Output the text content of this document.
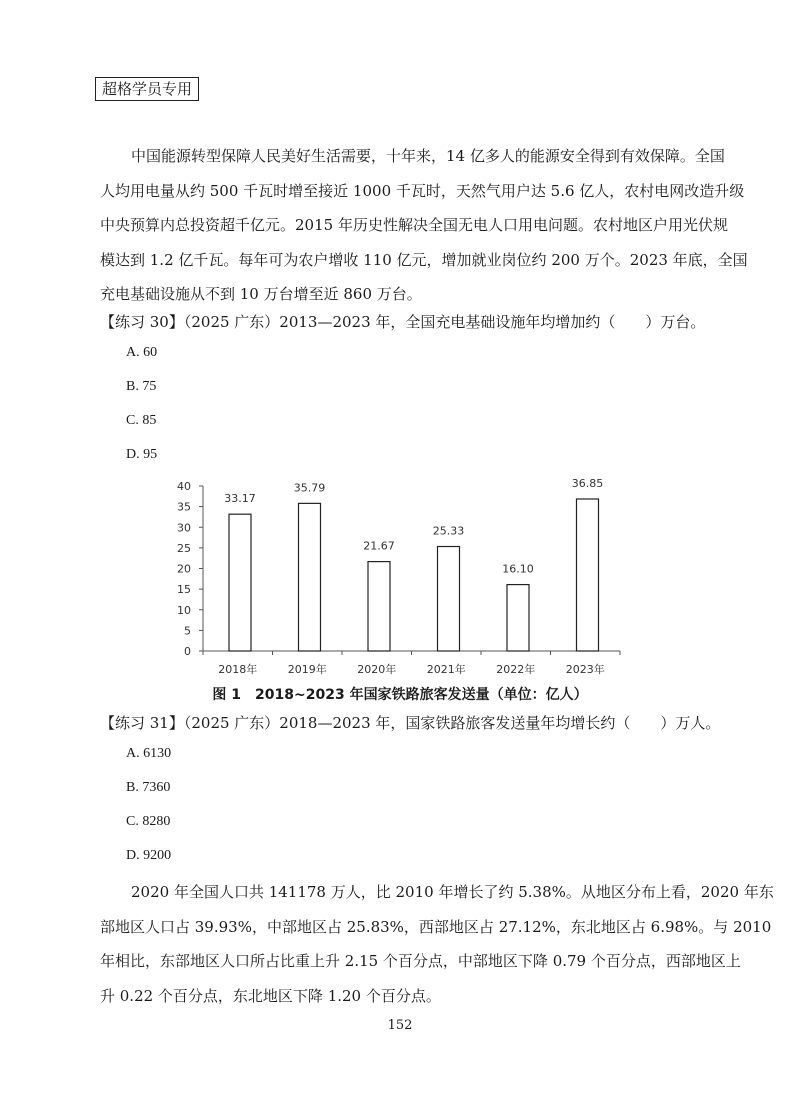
超格学员专用
中国能源转型保障人民美好生活需要，十年来，14 亿多人的能源安全得到有效保障。全国
人均用电量从约 500 千瓦时增至接近 1000 千瓦时，天然气用户达 5.6 亿人，农村电网改造升级
中央预算内总投资超千亿元。2015 年历史性解决全国无电人口用电问题。农村地区户用光伏规
模达到 1.2 亿千瓦。每年可为农户增收 110 亿元，增加就业岗位约 200 万个。2023 年底，全国
充电基础设施从不到 10 万台增至近 860 万台。
【练习 30】（2025 广东）2013—2023 年，全国充电基础设施年均增加约（　　）万台。
A. 60
B. 75
C. 85
D. 95
0
5
10
15
20
25
30
35
40
33.17
2018年
35.79
2019年
21.67
2020年
25.33
2021年
16.10
2022年
36.85
2023年
图 1　2018~2023 年国家铁路旅客发送量（单位：亿人）
【练习 31】（2025 广东）2018—2023 年，国家铁路旅客发送量年均增长约（　　）万人。
A. 6130
B. 7360
C. 8280
D. 9200
2020 年全国人口共 141178 万人，比 2010 年增长了约 5.38%。从地区分布上看，2020 年东
部地区人口占 39.93%，中部地区占 25.83%，西部地区占 27.12%，东北地区占 6.98%。与 2010
年相比，东部地区人口所占比重上升 2.15 个百分点，中部地区下降 0.79 个百分点，西部地区上
升 0.22 个百分点，东北地区下降 1.20 个百分点。
152
